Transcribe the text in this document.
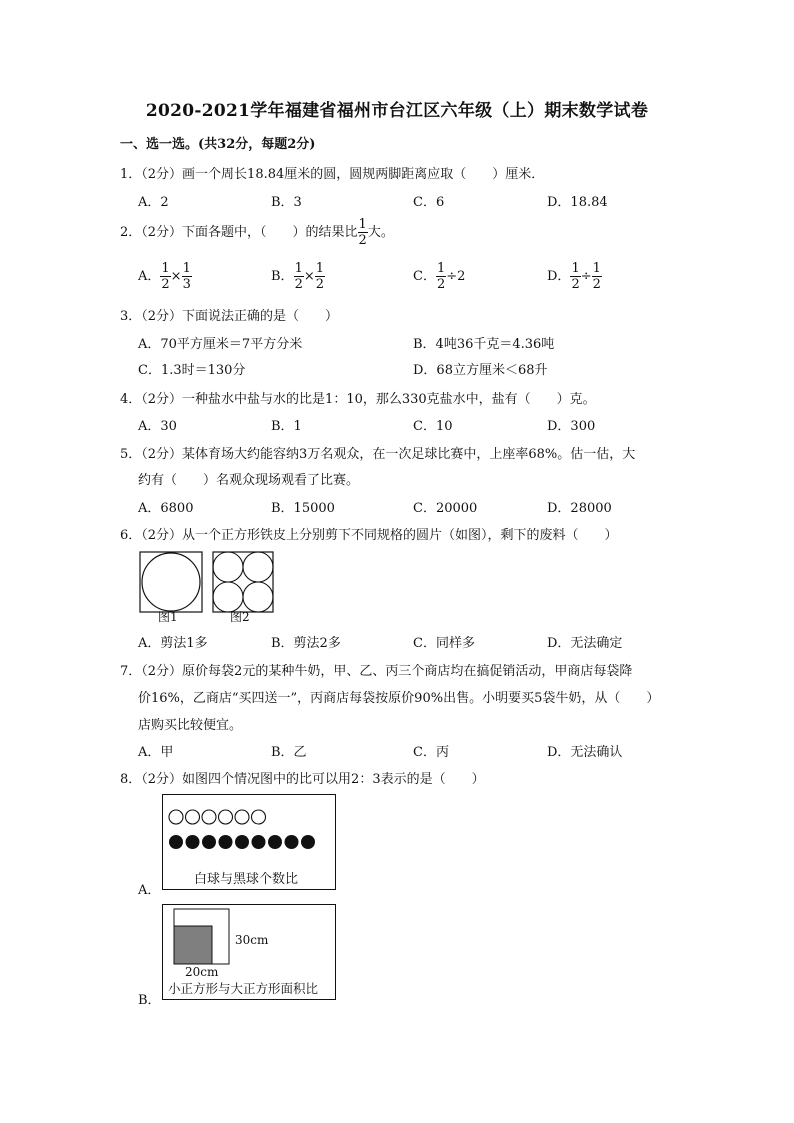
2020-2021学年福建省福州市台江区六年级（上）期末数学试卷
一、选一选。(共32分，每题2分)
1．（2分）画一个周长18.84厘米的圆，圆规两脚距离应取（　　）厘米．
A．2	B．3	C．6	D．18.84
2．（2分）下面各题中，（　　）的结果比 $\frac{1}{2}$ 大。
A． $\frac{1}{2} \times \frac{1}{3}$	B． $\frac{1}{2} \times \frac{1}{2}$	C． $\frac{1}{2} \div 2$	D． $\frac{1}{2} \div \frac{1}{2}$
3．（2分）下面说法正确的是（　　）
A．70平方厘米＝7平方分米	B．4吨36千克＝4.36吨
C．1.3时＝130分	D．68立方厘米＜68升
4．（2分）一种盐水中盐与水的比是1：10，那么330克盐水中，盐有（　　）克。
A．30	B．1	C．10	D．300
5．（2分）某体育场大约能容纳3万名观众，在一次足球比赛中，上座率68%。估一估，大
约有（　　）名观众现场观看了比赛。
A．6800	B．15000	C．20000	D．28000
6．（2分）从一个正方形铁皮上分别剪下不同规格的圆片（如图），剩下的废料（　　）
图1	图2
A．剪法1多	B．剪法2多	C．同样多	D．无法确定
7．（2分）原价每袋2元的某种牛奶，甲、乙、丙三个商店均在搞促销活动，甲商店每袋降
价16%，乙商店“买四送一”，丙商店每袋按原价90%出售。小明要买5袋牛奶，从（　　）
店购买比较便宜。
A．甲	B．乙	C．丙	D．无法确认
8．（2分）如图四个情况图中的比可以用2：3表示的是（　　）
A．
白球与黑球个数比
B．
30cm
20cm
小正方形与大正方形面积比
